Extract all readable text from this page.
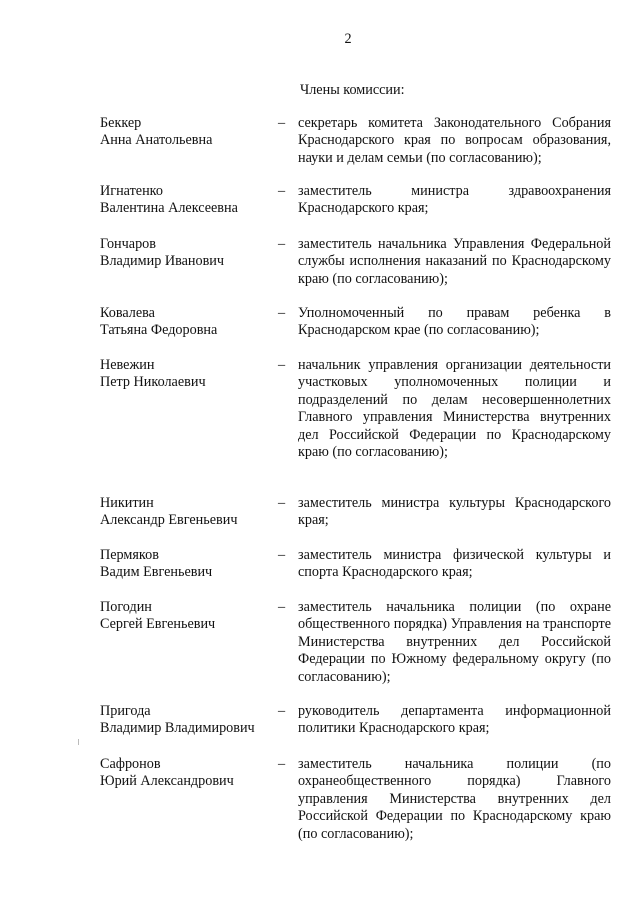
2
Члены комиссии:
Беккер
Анна Анатольевна
– секретарь комитета Законодательного Собрания Краснодарского края по вопросам образования, науки и делам семьи (по согласованию);
Игнатенко
Валентина Алексеевна
– заместитель министра здравоохранения Краснодарского края;
Гончаров
Владимир Иванович
– заместитель начальника Управления Федеральной службы исполнения наказаний по Краснодарскому краю (по согласованию);
Ковалева
Татьяна Федоровна
– Уполномоченный по правам ребенка в Краснодарском крае (по согласованию);
Невежин
Петр Николаевич
– начальник управления организации деятельности участковых уполномоченных полиции и подразделений по делам несовершеннолетних Главного управления Министерства внутренних дел Российской Федерации по Краснодарскому краю (по согласованию);
Никитин
Александр Евгеньевич
– заместитель министра культуры Краснодарского края;
Пермяков
Вадим Евгеньевич
– заместитель министра физической культуры и спорта Краснодарского края;
Погодин
Сергей Евгеньевич
– заместитель начальника полиции (по охране общественного порядка) Управления на транспорте Министерства внутренних дел Российской Федерации по Южному федеральному округу (по согласованию);
Пригода
Владимир Владимирович
– руководитель департамента информационной политики Краснодарского края;
Сафронов
Юрий Александрович
– заместитель начальника полиции (по охранеобщественного порядка) Главного управления Министерства внутренних дел Российской Федерации по Краснодарскому краю (по согласованию);
